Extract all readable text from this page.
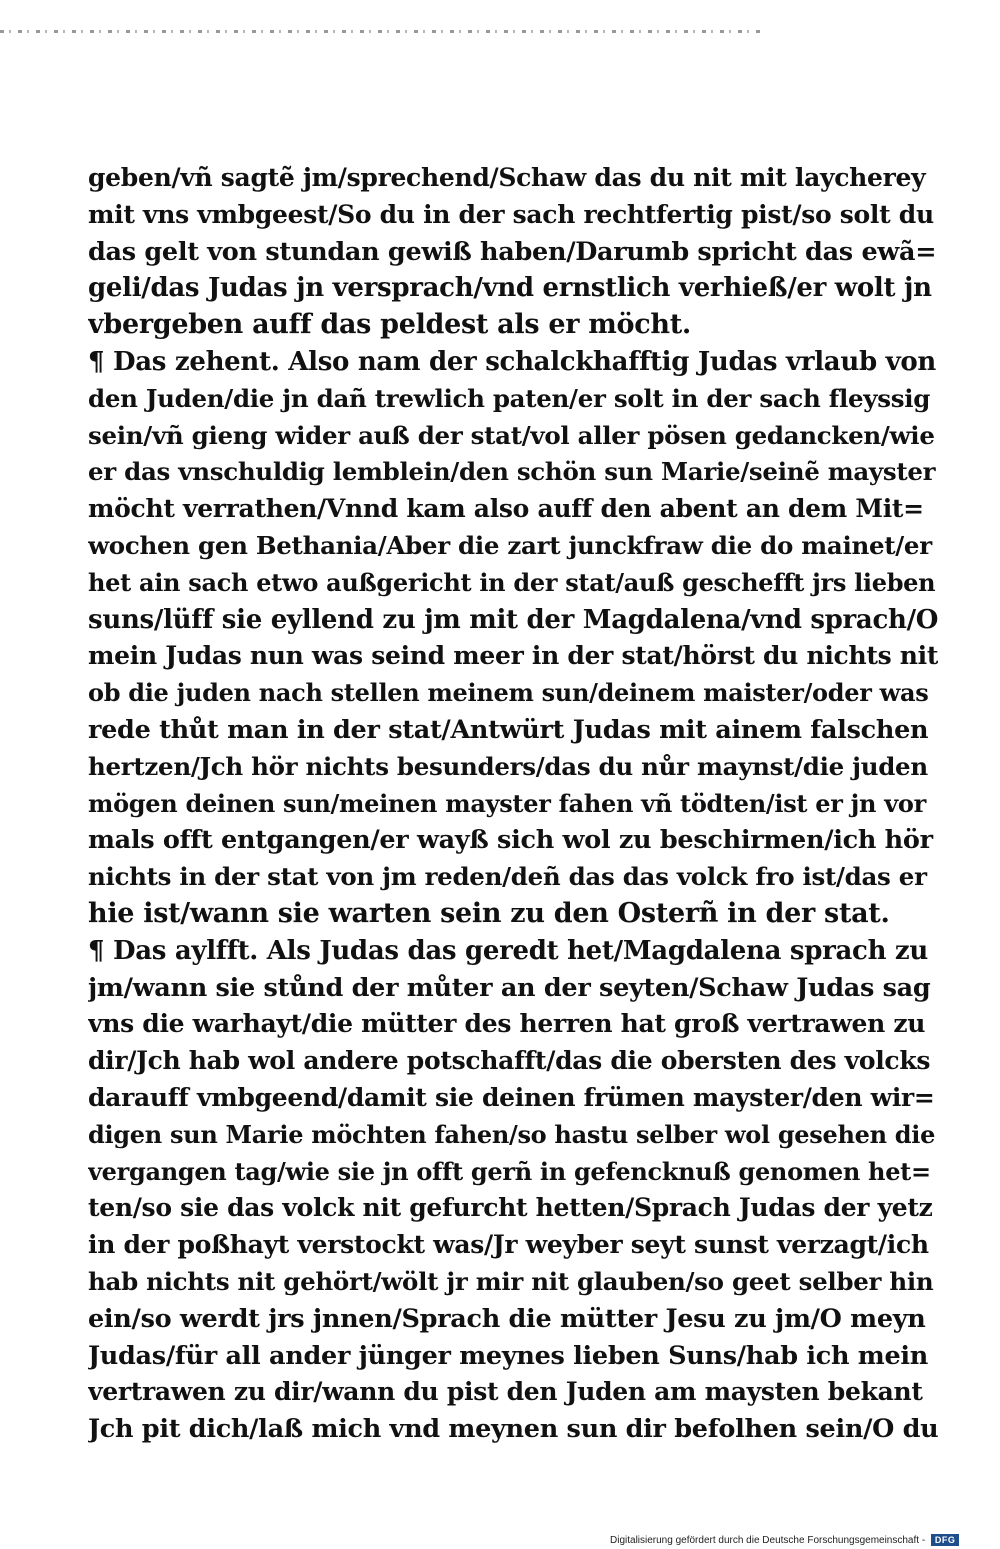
geben/vñ sagtẽ jm/sprechend/Schaw das du nit mit laycherey
mit vns vmbgeest/So du in der sach rechtfertig pist/so solt du
das gelt von stundan gewiß haben/Darumb spricht das ewã=
geli/das Judas jn versprach/vnd ernstlich verhieß/er wolt jn
vbergeben auff das peldest als er möcht.
¶ Das zehent. Also nam der schalckhafftig Judas vrlaub von
den Juden/die jn dañ trewlich paten/er solt in der sach fleyssig
sein/vñ gieng wider auß der stat/vol aller pösen gedancken/wie
er das vnschuldig lemblein/den schön sun Marie/seinẽ mayster
möcht verrathen/Vnnd kam also auff den abent an dem Mit=
wochen gen Bethania/Aber die zart junckfraw die do mainet/er
het ain sach etwo außgericht in der stat/auß geschefft jrs lieben
suns/lüff sie eyllend zu jm mit der Magdalena/vnd sprach/O
mein Judas nun was seind meer in der stat/hörst du nichts nit
ob die juden nach stellen meinem sun/deinem maister/oder was
rede thůt man in der stat/Antwürt Judas mit ainem falschen
hertzen/Jch hör nichts besunders/das du nůr maynst/die juden
mögen deinen sun/meinen mayster fahen vñ tödten/ist er jn vor
mals offt entgangen/er wayß sich wol zu beschirmen/ich hör
nichts in der stat von jm reden/deñ das das volck fro ist/das er
hie ist/wann sie warten sein zu den Osterñ in der stat.
¶ Das aylfft. Als Judas das geredt het/Magdalena sprach zu
jm/wann sie stůnd der můter an der seyten/Schaw Judas sag
vns die warhayt/die mütter des herren hat groß vertrawen zu
dir/Jch hab wol andere potschafft/das die obersten des volcks
darauff vmbgeend/damit sie deinen frümen mayster/den wir=
digen sun Marie möchten fahen/so hastu selber wol gesehen die
vergangen tag/wie sie jn offt gerñ in gefencknuß genomen het=
ten/so sie das volck nit gefurcht hetten/Sprach Judas der yetz
in der poßhayt verstockt was/Jr weyber seyt sunst verzagt/ich
hab nichts nit gehört/wölt jr mir nit glauben/so geet selber hin
ein/so werdt jrs jnnen/Sprach die mütter Jesu zu jm/O meyn
Judas/für all ander jünger meynes lieben Suns/hab ich mein
vertrawen zu dir/wann du pist den Juden am maysten bekant
Jch pit dich/laß mich vnd meynen sun dir befolhen sein/O du
Digitalisierung gefördert durch die Deutsche Forschungsgemeinschaft -	DFG
